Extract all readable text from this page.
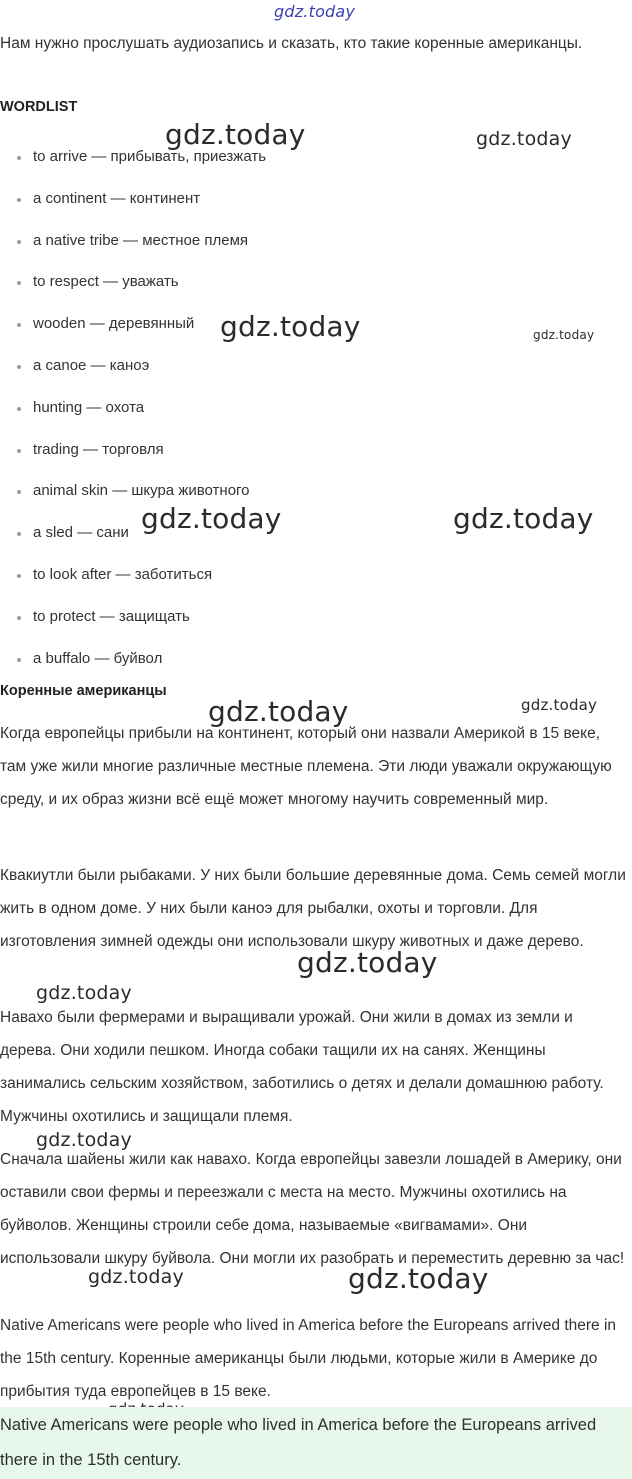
gdz.today
gdz.today	gdz.today
gdz.today	gdz.today
gdz.today	gdz.today
gdz.today
gdz.today
gdz.today
gdz.today
gdz.today
gdz.today	gdz.today
Нам нужно прослушать аудиозапись и сказать, кто такие коренные американцы.
WORDLIST
to arrive — прибывать, приезжать
a continent — континент
a native tribe — местное племя
to respect — уважать
wooden — деревянный
a canoe — каноэ
hunting — охота
trading — торговля
animal skin — шкура животного
a sled — сани
to look after — заботиться
to protect — защищать
a buffalo — буйвол
Коренные американцы
Когда европейцы прибыли на континент, который они назвали Америкой в 15 веке, там уже жили многие различные местные племена. Эти люди уважали окружающую среду, и их образ жизни всё ещё может многому научить современный мир.
Квакиутли были рыбаками. У них были большие деревянные дома. Семь семей могли жить в одном доме. У них были каноэ для рыбалки, охоты и торговли. Для изготовления зимней одежды они использовали шкуру животных и даже дерево.
Навахо были фермерами и выращивали урожай. Они жили в домах из земли и дерева. Они ходили пешком. Иногда собаки тащили их на санях. Женщины занимались сельским хозяйством, заботились о детях и делали домашнюю работу. Мужчины охотились и защищали племя.
Сначала шайены жили как навахо. Когда европейцы завезли лошадей в Америку, они оставили свои фермы и переезжали с места на место. Мужчины охотились на буйволов. Женщины строили себе дома, называемые «вигвамами». Они использовали шкуру буйвола. Они могли их разобрать и переместить деревню за час!
Native Americans were people who lived in America before the Europeans arrived there in the 15th century. Коренные американцы были людьми, которые жили в Америке до прибытия туда европейцев в 15 веке.
Native Americans were people who lived in America before the Europeans arrived there in the 15th century.
